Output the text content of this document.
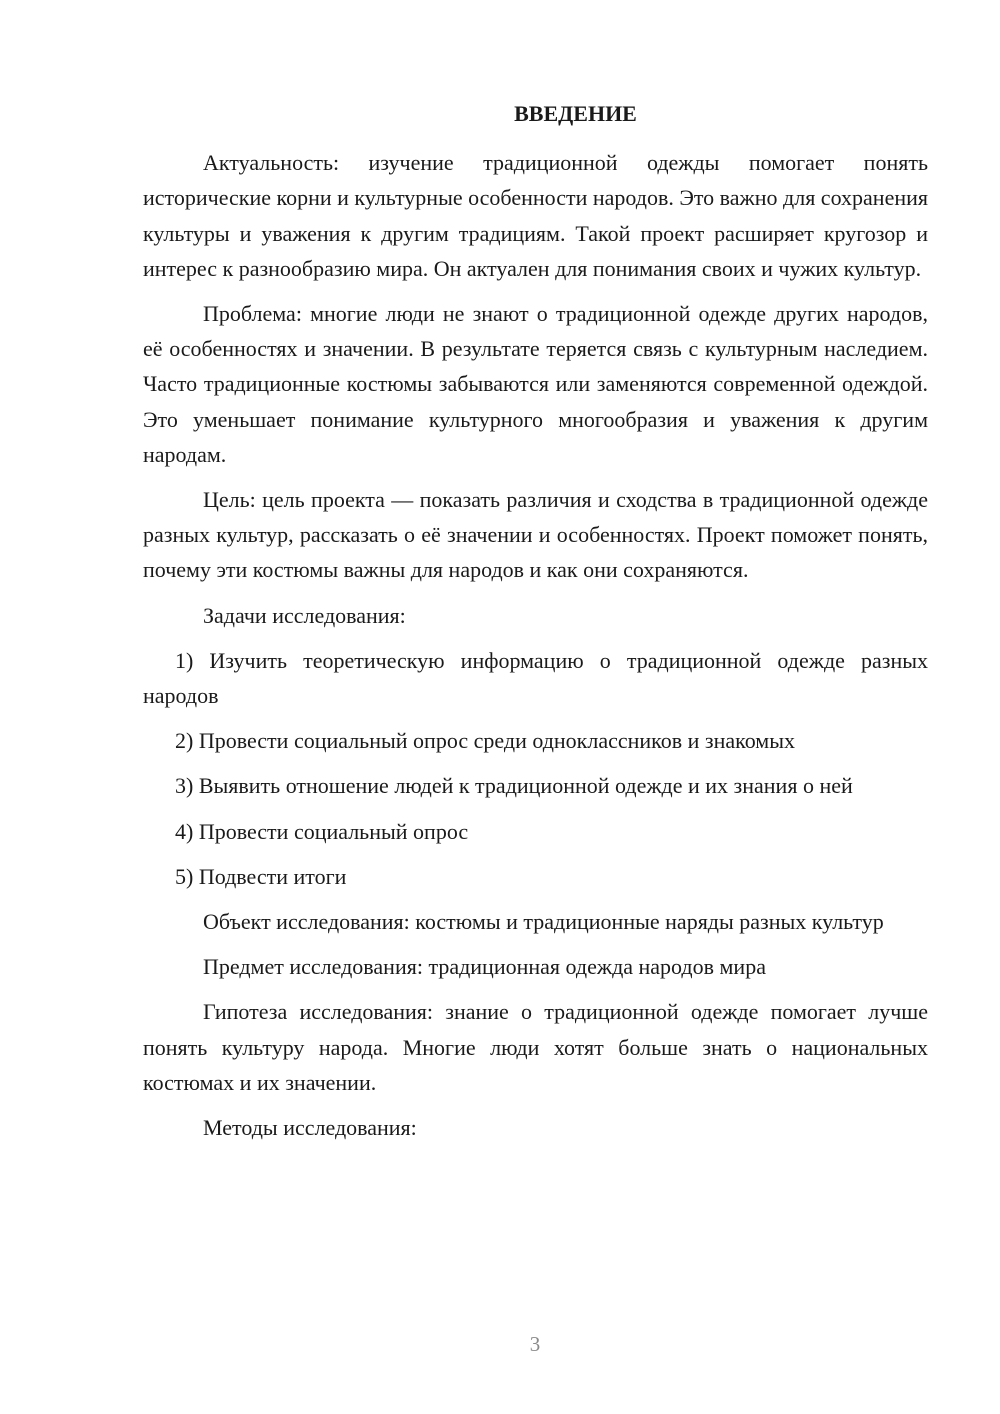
ВВЕДЕНИЕ

Актуальность: изучение традиционной одежды помогает понять исторические корни и культурные особенности народов. Это важно для сохранения культуры и уважения к другим традициям. Такой проект расширяет кругозор и интерес к разнообразию мира. Он актуален для понимания своих и чужих культур.

Проблема: многие люди не знают о традиционной одежде других народов, её особенностях и значении. В результате теряется связь с культурным наследием. Часто традиционные костюмы забываются или заменяются современной одеждой. Это уменьшает понимание культурного многообразия и уважения к другим народам.

Цель: цель проекта — показать различия и сходства в традиционной одежде разных культур, рассказать о её значении и особенностях. Проект поможет понять, почему эти костюмы важны для народов и как они сохраняются.

Задачи исследования:

1) Изучить теоретическую информацию о традиционной одежде разных народов

2) Провести социальный опрос среди одноклассников и знакомых

3) Выявить отношение людей к традиционной одежде и их знания о ней

4) Провести социальный опрос

5) Подвести итоги

Объект исследования: костюмы и традиционные наряды разных культур

Предмет исследования: традиционная одежда народов мира

Гипотеза исследования: знание о традиционной одежде помогает лучше понять культуру народа. Многие люди хотят больше знать о национальных костюмах и их значении.

Методы исследования:

3
